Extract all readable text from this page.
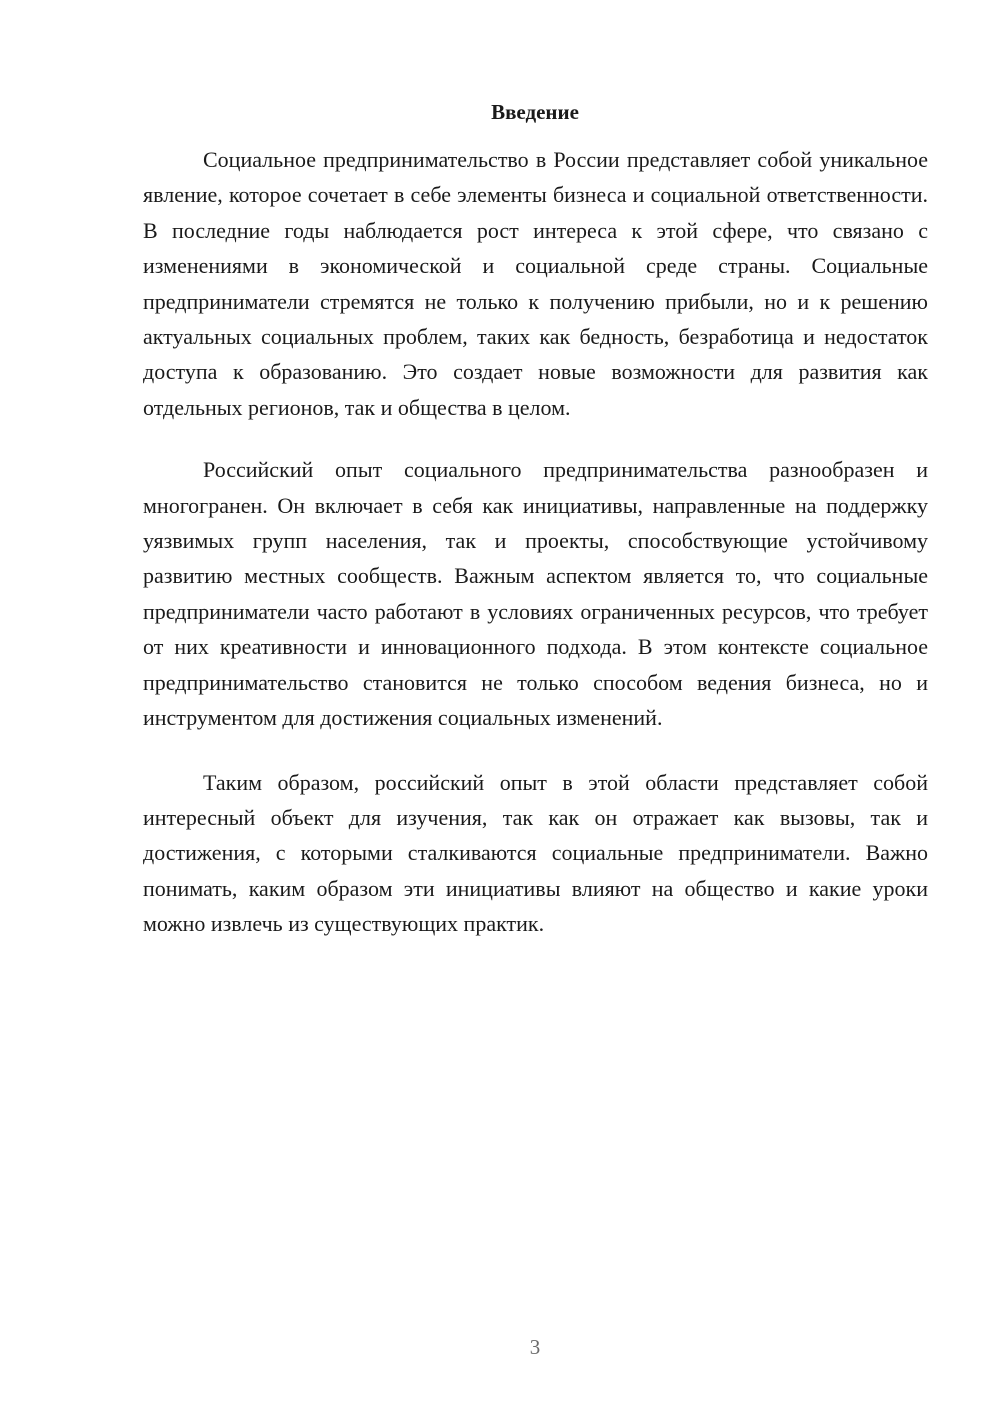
Введение

Социальное предпринимательство в России представляет собой уникальное явление, которое сочетает в себе элементы бизнеса и социальной ответственности. В последние годы наблюдается рост интереса к этой сфере, что связано с изменениями в экономической и социальной среде страны. Социальные предприниматели стремятся не только к получению прибыли, но и к решению актуальных социальных проблем, таких как бедность, безработица и недостаток доступа к образованию. Это создает новые возможности для развития как отдельных регионов, так и общества в целом.

Российский опыт социального предпринимательства разнообразен и многогранен. Он включает в себя как инициативы, направленные на поддержку уязвимых групп населения, так и проекты, способствующие устойчивому развитию местных сообществ. Важным аспектом является то, что социальные предприниматели часто работают в условиях ограниченных ресурсов, что требует от них креативности и инновационного подхода. В этом контексте социальное предпринимательство становится не только способом ведения бизнеса, но и инструментом для достижения социальных изменений.

Таким образом, российский опыт в этой области представляет собой интересный объект для изучения, так как он отражает как вызовы, так и достижения, с которыми сталкиваются социальные предприниматели. Важно понимать, каким образом эти инициативы влияют на общество и какие уроки можно извлечь из существующих практик.

3
